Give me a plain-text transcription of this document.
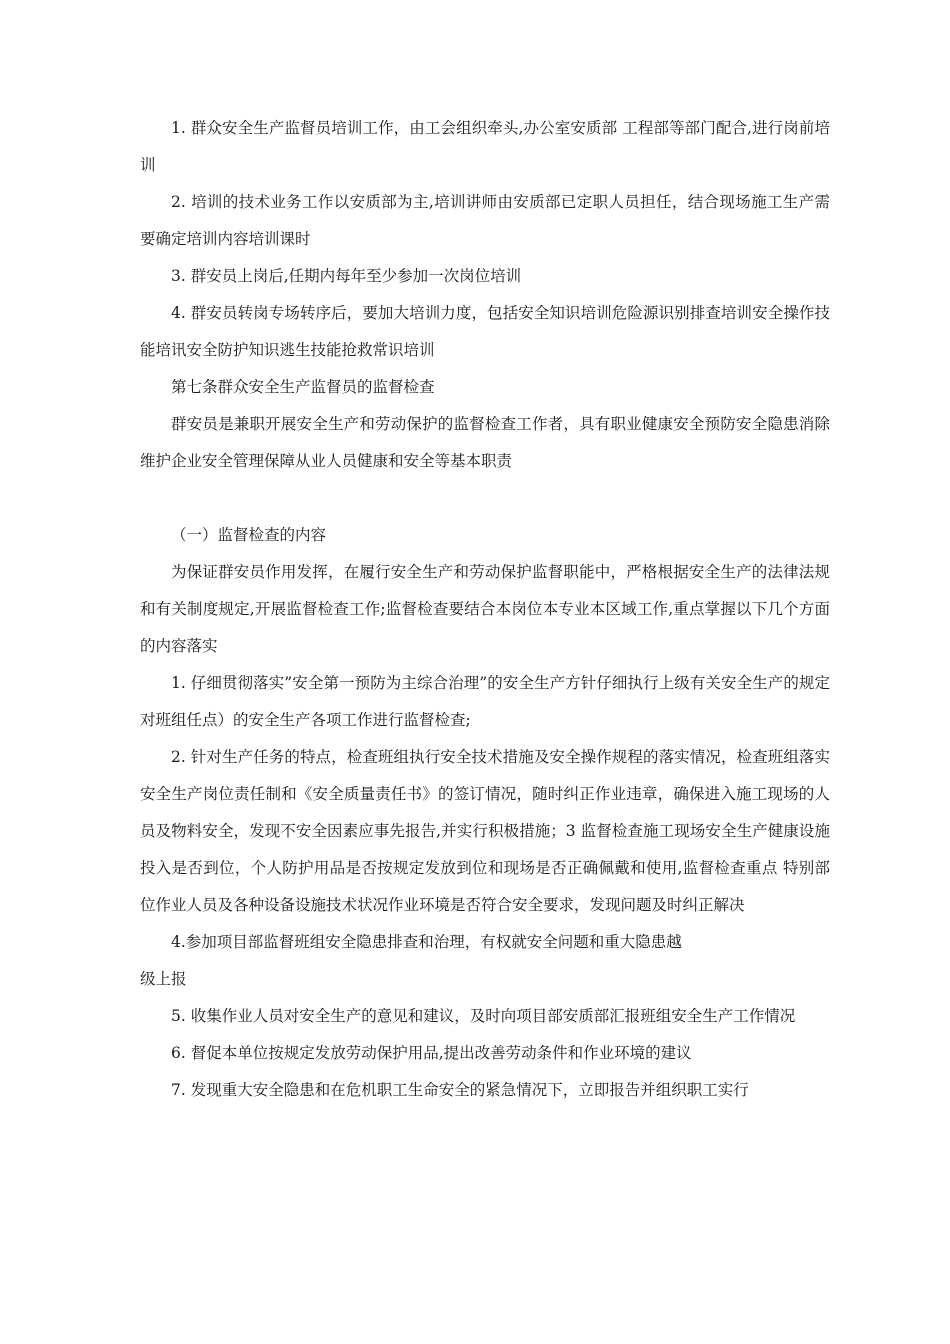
1. 群众安全生产监督员培训工作，由工会组织牵头,办公室安质部 工程部等部门配合,进行岗前培训

2. 培训的技术业务工作以安质部为主,培训讲师由安质部已定职人员担任，结合现场施工生产需要确定培训内容培训课时

3. 群安员上岗后,任期内每年至少参加一次岗位培训

4. 群安员转岗专场转序后，要加大培训力度，包括安全知识培训危险源识别排查培训安全操作技能培讯安全防护知识逃生技能抢救常识培训

第七条群众安全生产监督员的监督检查

群安员是兼职开展安全生产和劳动保护的监督检查工作者，具有职业健康安全预防安全隐患消除维护企业安全管理保障从业人员健康和安全等基本职责

（一）监督检查的内容

为保证群安员作用发挥，在履行安全生产和劳动保护监督职能中，严格根据安全生产的法律法规和有关制度规定,开展监督检查工作;监督检查要结合本岗位本专业本区域工作,重点掌握以下几个方面的内容落实

1. 仔细贯彻落实”安全第一预防为主综合治理”的安全生产方针仔细执行上级有关安全生产的规定对班组任点）的安全生产各项工作进行监督检查;

2. 针对生产任务的特点，检查班组执行安全技术措施及安全操作规程的落实情况，检查班组落实安全生产岗位责任制和《安全质量责任书》的签订情况，随时纠正作业违章，确保进入施工现场的人员及物料安全，发现不安全因素应事先报告,并实行积极措施；3 监督检查施工现场安全生产健康设施投入是否到位，个人防护用品是否按规定发放到位和现场是否正确佩戴和使用,监督检查重点 特别部位作业人员及各种设备设施技术状况作业环境是否符合安全要求，发现问题及时纠正解决

4.参加项目部监督班组安全隐患排查和治理，有权就安全问题和重大隐患越

级上报

5. 收集作业人员对安全生产的意见和建议，及时向项目部安质部汇报班组安全生产工作情况

6. 督促本单位按规定发放劳动保护用品,提出改善劳动条件和作业环境的建议

7. 发现重大安全隐患和在危机职工生命安全的紧急情况下，立即报告并组织职工实行
